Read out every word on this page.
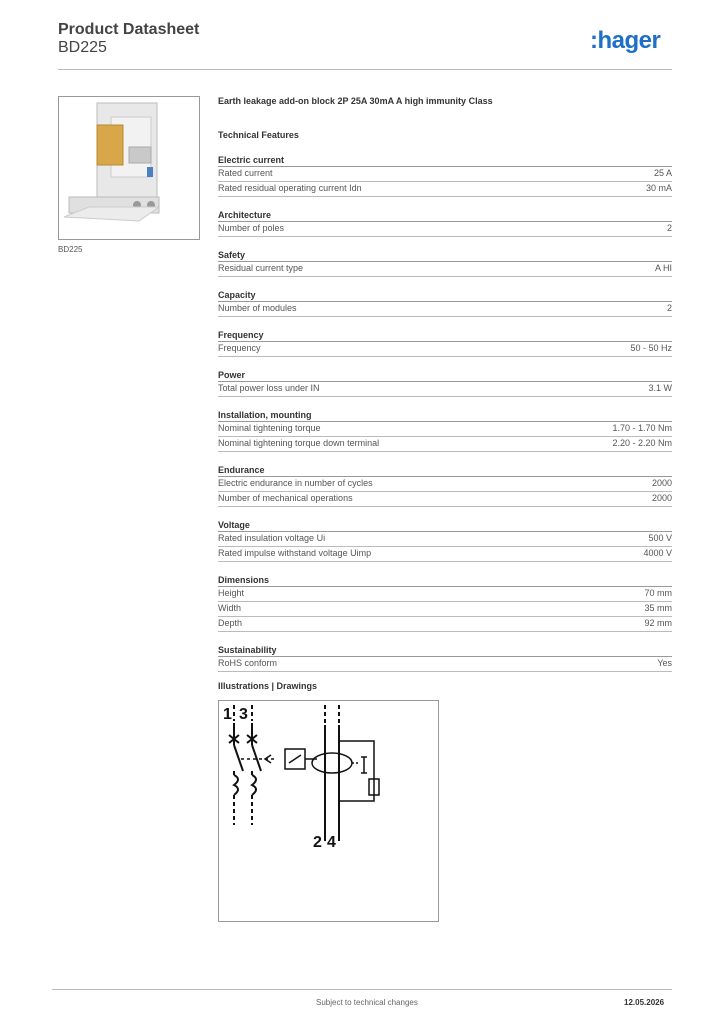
Product Datasheet
BD225	:hager
BD225
Earth leakage add-on block 2P 25A 30mA A high immunity Class
Technical Features
Electric current
Rated current	25 A
Rated residual operating current Idn	30 mA
Architecture
Number of poles	2
Safety
Residual current type	A HI
Capacity
Number of modules	2
Frequency
Frequency	50 - 50 Hz
Power
Total power loss under IN	3.1 W
Installation, mounting
Nominal tightening torque	1.70 - 1.70 Nm
Nominal tightening torque down terminal	2.20 - 2.20 Nm
Endurance
Electric endurance in number of cycles	2000
Number of mechanical operations	2000
Voltage
Rated insulation voltage Ui	500 V
Rated impulse withstand voltage Uimp	4000 V
Dimensions
Height	70 mm
Width	35 mm
Depth	92 mm
Sustainability
RoHS conform	Yes
Illustrations | Drawings
1 3
2 4
Subject to technical changes	12.05.2026
